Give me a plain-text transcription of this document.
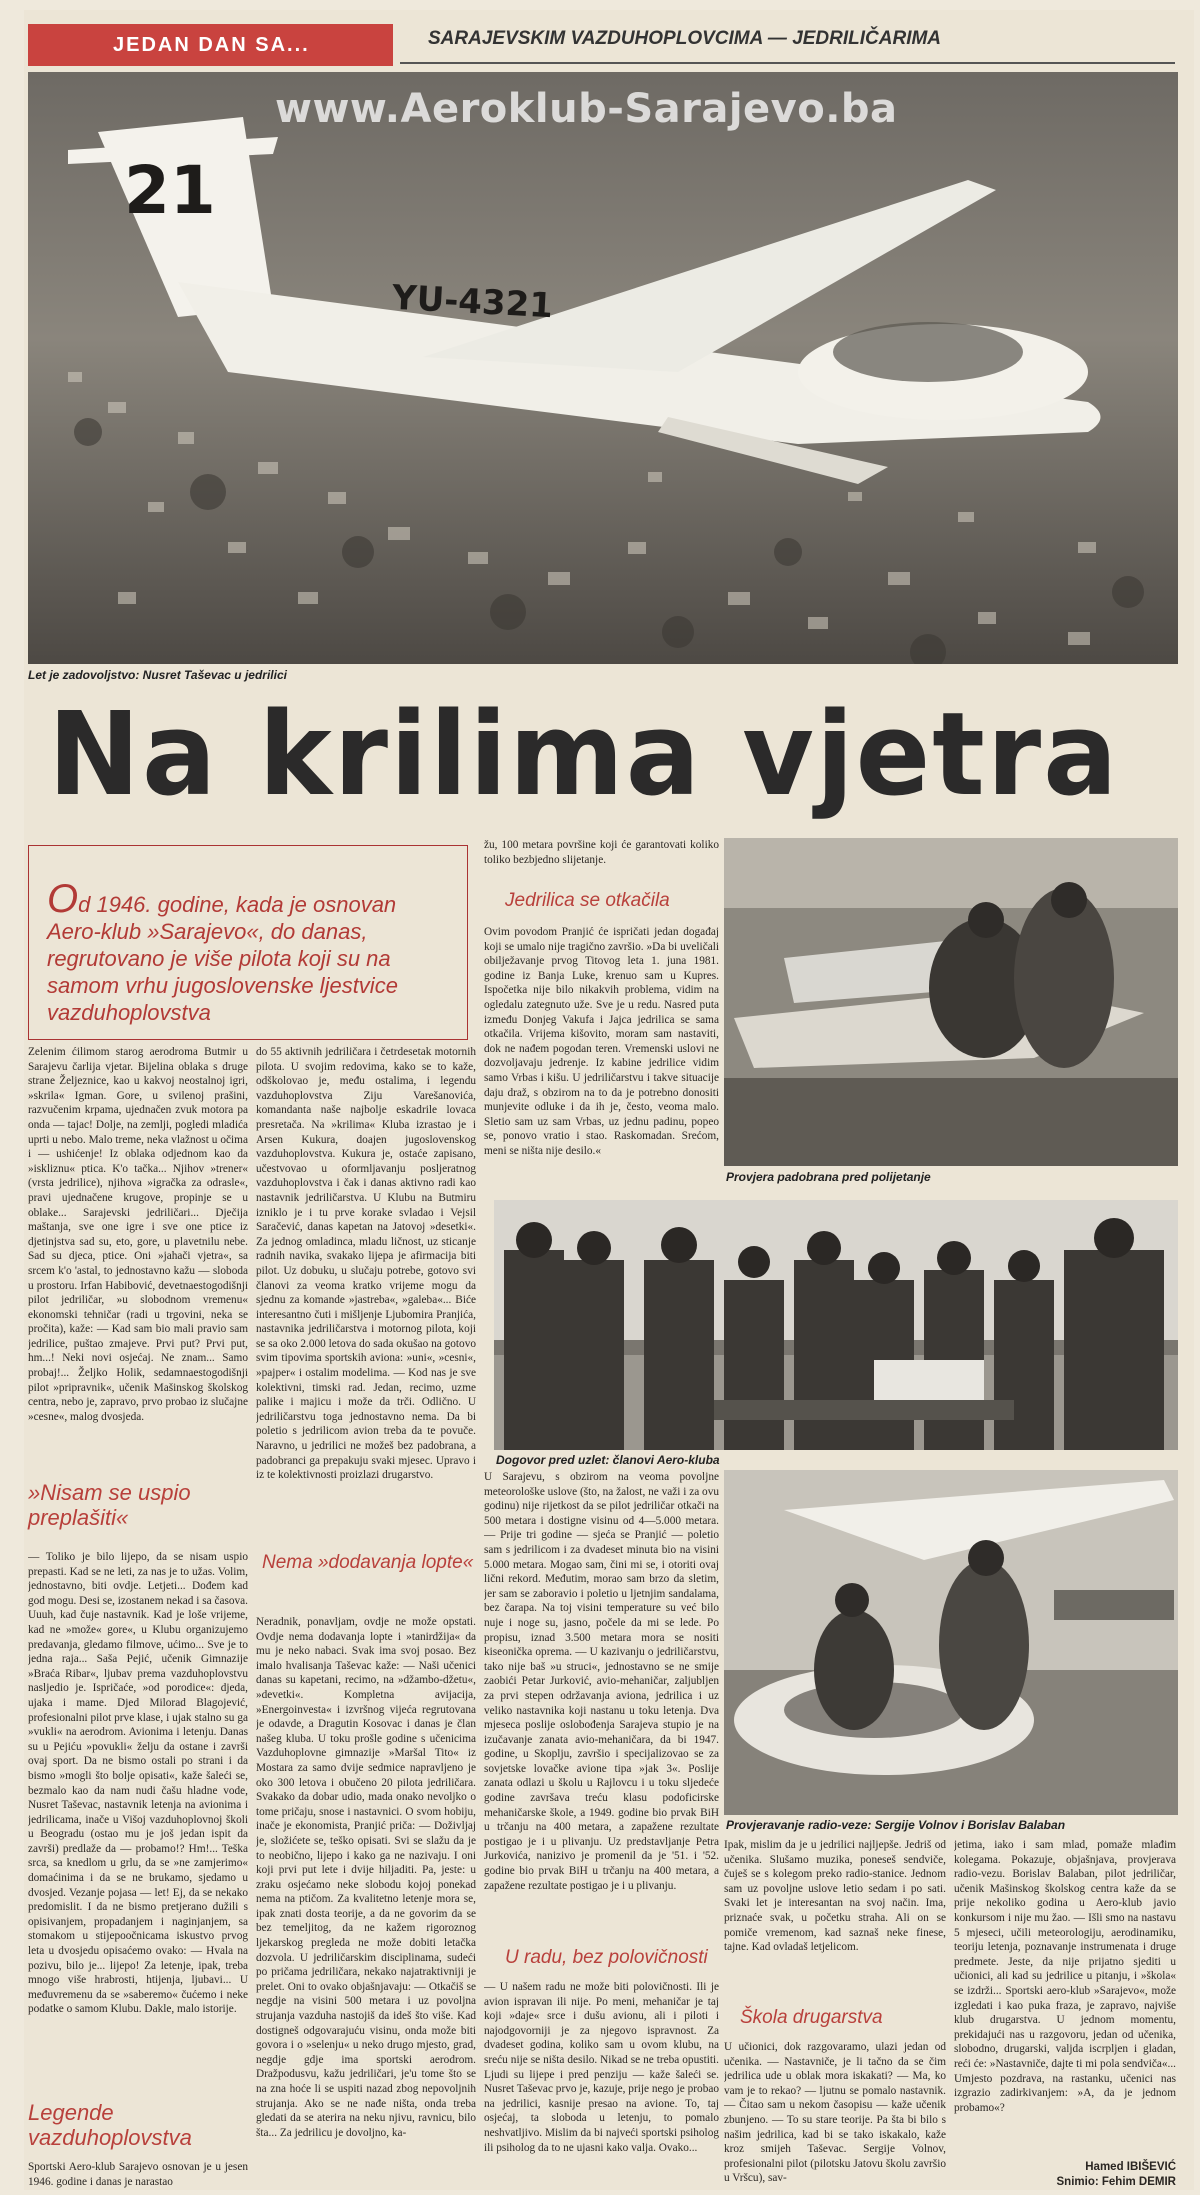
JEDAN DAN SA...	SARAJEVSKIM VAZDUHOPLOVCIMA — JEDRILIČARIMA
21
YU-4321
www.Aeroklub-Sarajevo.ba
Let je zadovoljstvo: Nusret Taševac u jedrilici
Na krilima vjetra
Od 1946. godine, kada je osnovan Aero-klub »Sarajevo«, do danas, regrutovano je više pilota koji su na samom vrhu jugoslovenske ljestvice vazduhoplovstva
Zelenim ćilimom starog aerodroma Butmir u Sarajevu čarlija vjetar. Bijelina oblaka s druge strane Željeznice, kao u kakvoj neostalnoj igri, »skrila« Igman. Gore, u svilenoj prašini, razvučenim krpama, ujednačen zvuk motora pa onda — tajac! Dolje, na zemlji, pogledi mladića uprti u nebo. Malo treme, neka vlažnost u očima i — ushićenje! Iz oblaka odjednom kao da »iskliznu« ptica. K'o tačka... Njihov »trener« (vrsta jedrilice), njihova »igračka za odrasle«, pravi ujednačene krugove, propinje se u oblake... Sarajevski jedriličari... Dječija maštanja, sve one igre i sve one ptice iz djetinjstva sad su, eto, gore, u plavetnilu nebe. Sad su djeca, ptice. Oni »jahači vjetra«, sa srcem k'o 'astal, to jednostavno kažu — sloboda u prostoru. Irfan Habibović, devetnaestogodišnji pilot jedriličar, »u slobodnom vremenu« ekonomski tehničar (radi u trgovini, neka se pročita), kaže: — Kad sam bio mali pravio sam jedrilice, puštao zmajeve. Prvi put? Prvi put, hm...! Neki novi osjećaj. Ne znam... Samo probaj!... Željko Holik, sedamnaestogodišnji pilot »pripravnik«, učenik Mašinskog školskog centra, nebo je, zapravo, prvo probao iz slučajne »cesne«, malog dvosjeda.
»Nisam se uspio preplašiti«
— Toliko je bilo lijepo, da se nisam uspio prepasti. Kad se ne leti, za nas je to užas. Volim, jednostavno, biti ovdje. Letjeti... Dođem kad god mogu. Desi se, izostanem nekad i sa časova. Uuuh, kad čuje nastavnik. Kad je loše vrijeme, kad ne »može« gore«, u Klubu organizujemo predavanja, gledamo filmove, ućimo... Sve je to jedna raja... Saša Pejić, učenik Gimnazije »Braća Ribar«, ljubav prema vazduhoplovstvu nasljedio je. Ispričaće, »od porodice«: djeda, ujaka i mame. Djed Milorad Blagojević, profesionalni pilot prve klase, i ujak stalno su ga »vukli« na aerodrom. Avionima i letenju. Danas su u Pejiću »povukli« želju da ostane i završi ovaj sport. Da ne bismo ostali po strani i da bismo »mogli što bolje opisati«, kaže šaleći se, bezmalo kao da nam nudi čašu hladne vode, Nusret Taševac, nastavnik letenja na avionima i jedrilicama, inače u Višoj vazduhoplovnoj školi u Beogradu (ostao mu je još jedan ispit da završi) predlaže da — probamo!? Hm!... Teška srca, sa knedlom u grlu, da se »ne zamjerimo« domaćinima i da se ne brukamo, sjedamo u dvosjed. Vezanje pojasa — let! Ej, da se nekako predomislit. I da ne bismo pretjerano dužili s opisivanjem, propadanjem i naginjanjem, sa stomakom u stijepoočnicama iskustvo prvog leta u dvosjedu opisaćemo ovako: — Hvala na pozivu, bilo je... lijepo! Za letenje, ipak, treba mnogo više hrabrosti, htijenja, ljubavi... U međuvremenu da se »saberemo« čućemo i neke podatke o samom Klubu. Dakle, malo istorije.
Legende vazduhoplovstva
Sportski Aero-klub Sarajevo osnovan je u jesen 1946. godine i danas je narastao
do 55 aktivnih jedriličara i četrdesetak motornih pilota. U svojim redovima, kako se to kaže, odškolovao je, među ostalima, i legendu vazduhoplovstva Ziju Varešanovića, komandanta naše najbolje eskadrile lovaca presretača. Na »krilima« Kluba izrastao je i Arsen Kukura, doajen jugoslovenskog vazduhoplovstva. Kukura je, ostaće zapisano, učestvovao u oformljavanju posljeratnog vazduhoplovstva i čak i danas aktivno radi kao nastavnik jedriličarstva. U Klubu na Butmiru izniklo je i tu prve korake svladao i Vejsil Saračević, danas kapetan na Jatovoj »desetki«. Za jednog omladinca, mladu ličnost, uz sticanje radnih navika, svakako lijepa je afirmacija biti pilot. Uz dobuku, u slučaju potrebe, gotovo svi članovi za veoma kratko vrijeme mogu da sjednu za komande »jastreba«, »galeba«... Biće interesantno čuti i mišljenje Ljubomira Pranjića, nastavnika jedriličarstva i motornog pilota, koji se sa oko 2.000 letova do sada okušao na gotovo svim tipovima sportskih aviona: »uni«, »cesni«, »pajper« i ostalim modelima. — Kod nas je sve kolektivni, timski rad. Jedan, recimo, uzme palike i majicu i može da trči. Odlično. U jedriličarstvu toga jednostavno nema. Da bi poletio s jedrilicom avion treba da te povuče. Naravno, u jedrilici ne možeš bez padobrana, a padobranci ga prepakuju svaki mjesec. Upravo i iz te kolektivnosti proizlazi drugarstvo.
Nema »dodavanja lopte«
Neradnik, ponavljam, ovdje ne može opstati. Ovdje nema dodavanja lopte i »tanirdžija« da mu je neko nabaci. Svak ima svoj posao. Bez imalo hvalisanja Taševac kaže: — Naši učenici danas su kapetani, recimo, na »džambo-džetu«, »devetki«. Kompletna avijacija, »Energoinvesta« i izvršnog vijeća regrutovana je odavde, a Dragutin Kosovac i danas je član našeg kluba. U toku prošle godine s učenicima Vazduhoplovne gimnazije »Maršal Tito« iz Mostara za samo dvije sedmice napravljeno je oko 300 letova i obučeno 20 pilota jedriličara. Svakako da dobar udio, mada onako nevoljko o tome pričaju, snose i nastavnici. O svom hobiju, inače je ekonomista, Pranjić priča: — Doživljaj je, složićete se, teško opisati. Svi se slažu da je to neobično, lijepo i kako ga ne nazivaju. I oni koji prvi put lete i dvije hiljaditi. Pa, jeste: u zraku osjećamo neke slobodu kojoj ponekad nema na ptičom. Za kvalitetno letenje mora se, ipak znati dosta teorije, a da ne govorim da se bez temeljitog, da ne kažem rigoroznog ljekarskog pregleda ne može dobiti letačka dozvola. U jedriličarskim disciplinama, sudeći po pričama jedriličara, nekako najatraktivniji je prelet. Oni to ovako objašnjavaju: — Otkačiš se negdje na visini 500 metara i uz povoljna strujanja vazduha nastojiš da ideš što više. Kad dostigneš odgovarajuću visinu, onda može biti govora i o »selenju« u neko drugo mjesto, grad, negdje gdje ima sportski aerodrom. Dražpodusvu, kažu jedriličari, je'u tome što se na zna hoće li se uspiti nazad zbog nepovoljnih strujanja. Ako se ne nađe ništa, onda treba gledati da se aterira na neku njivu, ravnicu, bilo šta... Za jedrilicu je dovoljno, ka-
žu, 100 metara površine koji će garantovati koliko toliko bezbjedno slijetanje.
Jedrilica se otkačila
Ovim povodom Pranjić će ispričati jedan događaj koji se umalo nije tragično završio. »Da bi uveličali obilježavanje prvog Titovog leta 1. juna 1981. godine iz Banja Luke, krenuo sam u Kupres. Ispočetka nije bilo nikakvih problema, vidim na ogledalu zategnuto uže. Sve je u redu. Nasred puta između Donjeg Vakufa i Jajca jedrilica se sama otkačila. Vrijema kišovito, moram sam nastaviti, dok ne nađem pogodan teren. Vremenski uslovi ne dozvoljavaju jedrenje. Iz kabine jedrilice vidim samo Vrbas i kišu. U jedriličarstvu i takve situacije daju draž, s obzirom na to da je potrebno donositi munjevite odluke i da ih je, često, veoma malo. Sletio sam uz sam Vrbas, uz jednu padinu, popeo se, ponovo vratio i stao. Raskomadan. Srećom, meni se ništa nije desilo.«
Provjera padobrana pred polijetanje
Dogovor pred uzlet: članovi Aero-kluba
U Sarajevu, s obzirom na veoma povoljne meteorološke uslove (što, na žalost, ne važi i za ovu godinu) nije rijetkost da se pilot jedriličar otkači na 500 metara i dostigne visinu od 4—5.000 metara. — Prije tri godine — sjeća se Pranjić — poletio sam s jedrilicom i za dvadeset minuta bio na visini 5.000 metara. Mogao sam, čini mi se, i otoriti ovaj lični rekord. Međutim, morao sam brzo da sletim, jer sam se zaboravio i poletio u ljetnjim sandalama, bez čarapa. Na toj visini temperature su već bilo nuje i noge su, jasno, počele da mi se lede. Po propisu, iznad 3.500 metara mora se nositi kiseonička oprema. — U kazivanju o jedriličarstvu, tako nije baš »u struci«, jednostavno se ne smije zaobići Petar Jurković, avio-mehaničar, zaljubljen za prvi stepen održavanja aviona, jedrilica i uz veliko nastavnika koji nastanu u toku letenja. Dva mjeseca poslije oslobođenja Sarajeva stupio je na izučavanje zanata avio-mehaničara, da bi 1947. godine, u Skoplju, završio i specijalizovao se za sovjetske lovačke avione tipa »jak 3«. Poslije zanata odlazi u školu u Rajlovcu i u toku sljedeće godine završava treću klasu podoficirske mehaničarske škole, a 1949. godine bio prvak BiH u trčanju na 400 metara, a zapažene rezultate postigao je i u plivanju. Uz predstavljanje Petra Jurkovića, nanizivo je promenil da je '51. i '52. godine bio prvak BiH u trčanju na 400 metara, a zapažene rezultate postigao je i u plivanju.
Provjeravanje radio-veze: Sergije Volnov i Borislav Balaban
U radu, bez polovičnosti
— U našem radu ne može biti polovičnosti. Ili je avion ispravan ili nije. Po meni, mehaničar je taj koji »daje« srce i dušu avionu, ali i piloti i najodgovorniji je za njegovo ispravnost. Za dvadeset godina, koliko sam u ovom klubu, na sreću nije se ništa desilo. Nikad se ne treba opustiti. Ljudi su lijepe i pred penziju — kaže šaleći se. Nusret Taševac prvo je, kazuje, prije nego je probao na jedrilici, kasnije presao na avione. To, taj osjećaj, ta sloboda u letenju, to pomalo neshvatljivo. Mislim da bi najveći sportski psiholog ili psiholog da to ne ujasni kako valja. Ovako...
Ipak, mislim da je u jedrilici najljepše. Jedriš od učenika. Slušamo muzika, poneseš sendviče, čuješ se s kolegom preko radio-stanice. Jednom sam uz povoljne uslove letio sedam i po sati. Svaki let je interesantan na svoj način. Ima, priznaće svak, u početku straha. Ali on se pomiče vremenom, kad saznaš neke finese, tajne. Kad ovladaš letjelicom.
Škola drugarstva
U učionici, dok razgovaramo, ulazi jedan od učenika. — Nastavniče, je li tačno da se čim jedrilica ude u oblak mora iskakati? — Ma, ko vam je to rekao? — ljutnu se pomalo nastavnik. — Čitao sam u nekom časopisu — kaže učenik zbunjeno. — To su stare teorije. Pa šta bi bilo s našim jedrilica, kad bi se tako iskakalo, kaže kroz smijeh Taševac. Sergije Volnov, profesionalni pilot (pilotsku Jatovu školu završio u Vršcu), sav-
jetima, iako i sam mlad, pomaže mlađim kolegama. Pokazuje, objašnjava, provjerava radio-vezu. Borislav Balaban, pilot jedriličar, učenik Mašinskog školskog centra kaže da se prije nekoliko godina u Aero-klub javio konkursom i nije mu žao. — Išli smo na nastavu 5 mjeseci, učili meteorologiju, aerodinamiku, teoriju letenja, poznavanje instrumenata i druge predmete. Jeste, da nije prijatno sjediti u učionici, ali kad su jedrilice u pitanju, i »škola« se izdrži... Sportski aero-klub »Sarajevo«, može izgledati i kao puka fraza, je zapravo, najviše klub drugarstva. U jednom momentu, prekidajući nas u razgovoru, jedan od učenika, slobodno, drugarski, valjda iscrpljen i gladan, reći će: »Nastavniče, dajte ti mi pola sendviča«... Umjesto pozdrava, na rastanku, učenici nas izgrazio zadirkivanjem: »A, da je jednom probamo«?
Hamed IBIŠEVIĆ
Snimio: Fehim DEMIR
